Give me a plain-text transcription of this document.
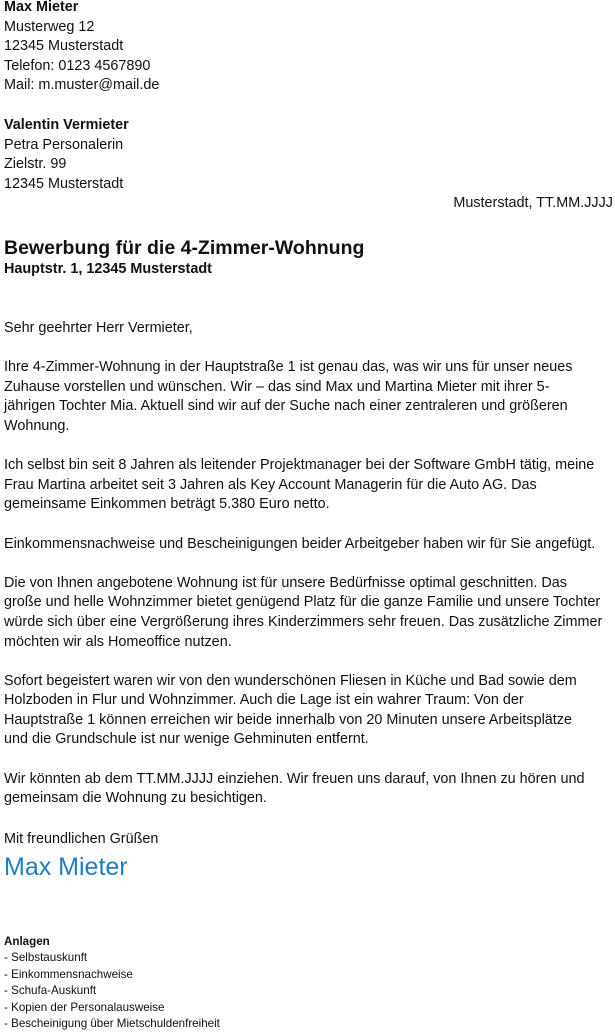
Max Mieter
Musterweg 12
12345 Musterstadt
Telefon: 0123 4567890
Mail: m.muster@mail.de
Valentin Vermieter
Petra Personalerin
Zielstr. 99
12345 Musterstadt
Musterstadt, TT.MM.JJJJ
Bewerbung für die 4-Zimmer-Wohnung
Hauptstr. 1, 12345 Musterstadt

Sehr geehrter Herr Vermieter,

Ihre 4-Zimmer-Wohnung in der Hauptstraße 1 ist genau das, was wir uns für unser neues
Zuhause vorstellen und wünschen. Wir – das sind Max und Martina Mieter mit ihrer 5-
jährigen Tochter Mia. Aktuell sind wir auf der Suche nach einer zentraleren und größeren
Wohnung.

Ich selbst bin seit 8 Jahren als leitender Projektmanager bei der Software GmbH tätig, meine
Frau Martina arbeitet seit 3 Jahren als Key Account Managerin für die Auto AG. Das
gemeinsame Einkommen beträgt 5.380 Euro netto.

Einkommensnachweise und Bescheinigungen beider Arbeitgeber haben wir für Sie angefügt.

Die von Ihnen angebotene Wohnung ist für unsere Bedürfnisse optimal geschnitten. Das
große und helle Wohnzimmer bietet genügend Platz für die ganze Familie und unsere Tochter
würde sich über eine Vergrößerung ihres Kinderzimmers sehr freuen. Das zusätzliche Zimmer
möchten wir als Homeoffice nutzen.

Sofort begeistert waren wir von den wunderschönen Fliesen in Küche und Bad sowie dem
Holzboden in Flur und Wohnzimmer. Auch die Lage ist ein wahrer Traum: Von der
Hauptstraße 1 können erreichen wir beide innerhalb von 20 Minuten unsere Arbeitsplätze
und die Grundschule ist nur wenige Gehminuten entfernt.

Wir könnten ab dem TT.MM.JJJJ einziehen. Wir freuen uns darauf, von Ihnen zu hören und
gemeinsam die Wohnung zu besichtigen.

Mit freundlichen Grüßen
Max Mieter
Anlagen
- Selbstauskunft
- Einkommensnachweise
- Schufa-Auskunft
- Kopien der Personalausweise
- Bescheinigung über Mietschuldenfreiheit
